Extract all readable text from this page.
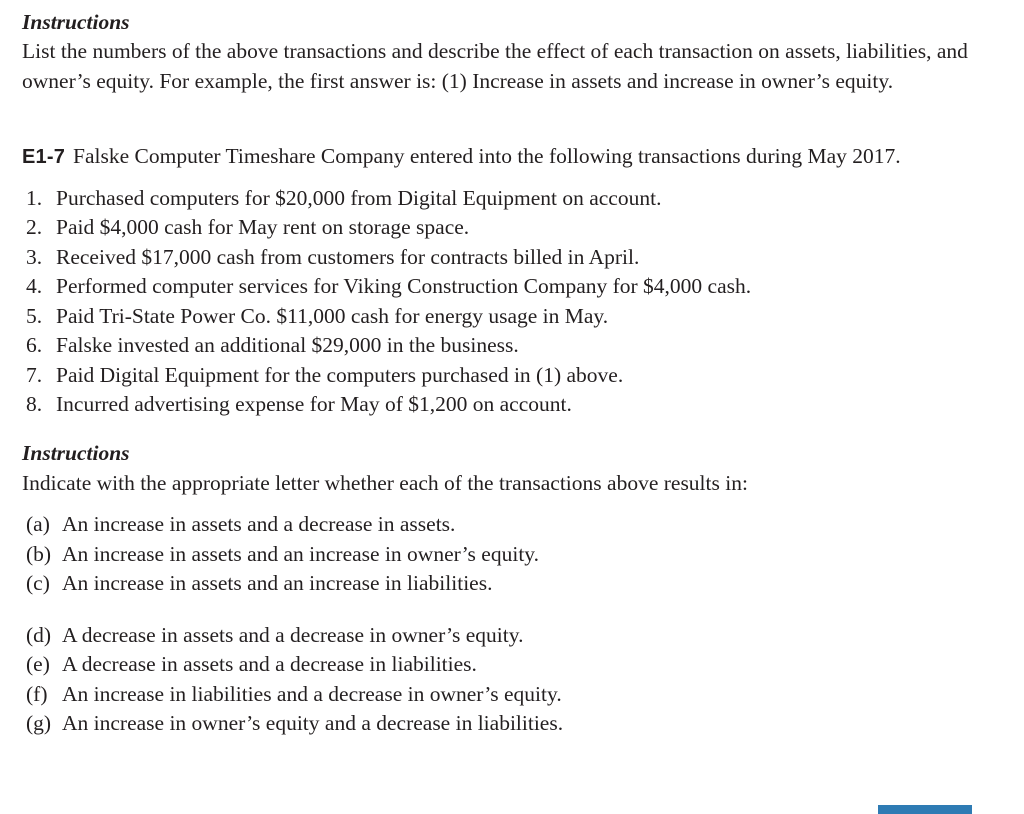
Instructions

List the numbers of the above transactions and describe the effect of each transaction on assets, liabilities, and owner’s equity. For example, the first answer is: (1) Increase in assets and increase in owner’s equity.

E1-7 Falske Computer Timeshare Company entered into the following transactions during May 2017.

1. Purchased computers for $20,000 from Digital Equipment on account.
2. Paid $4,000 cash for May rent on storage space.
3. Received $17,000 cash from customers for contracts billed in April.
4. Performed computer services for Viking Construction Company for $4,000 cash.
5. Paid Tri-State Power Co. $11,000 cash for energy usage in May.
6. Falske invested an additional $29,000 in the business.
7. Paid Digital Equipment for the computers purchased in (1) above.
8. Incurred advertising expense for May of $1,200 on account.
Instructions

Indicate with the appropriate letter whether each of the transactions above results in:

(a) An increase in assets and a decrease in assets.
(b) An increase in assets and an increase in owner’s equity.
(c) An increase in assets and an increase in liabilities.
(d) A decrease in assets and a decrease in owner’s equity.
(e) A decrease in assets and a decrease in liabilities.
(f) An increase in liabilities and a decrease in owner’s equity.
(g) An increase in owner’s equity and a decrease in liabilities.
